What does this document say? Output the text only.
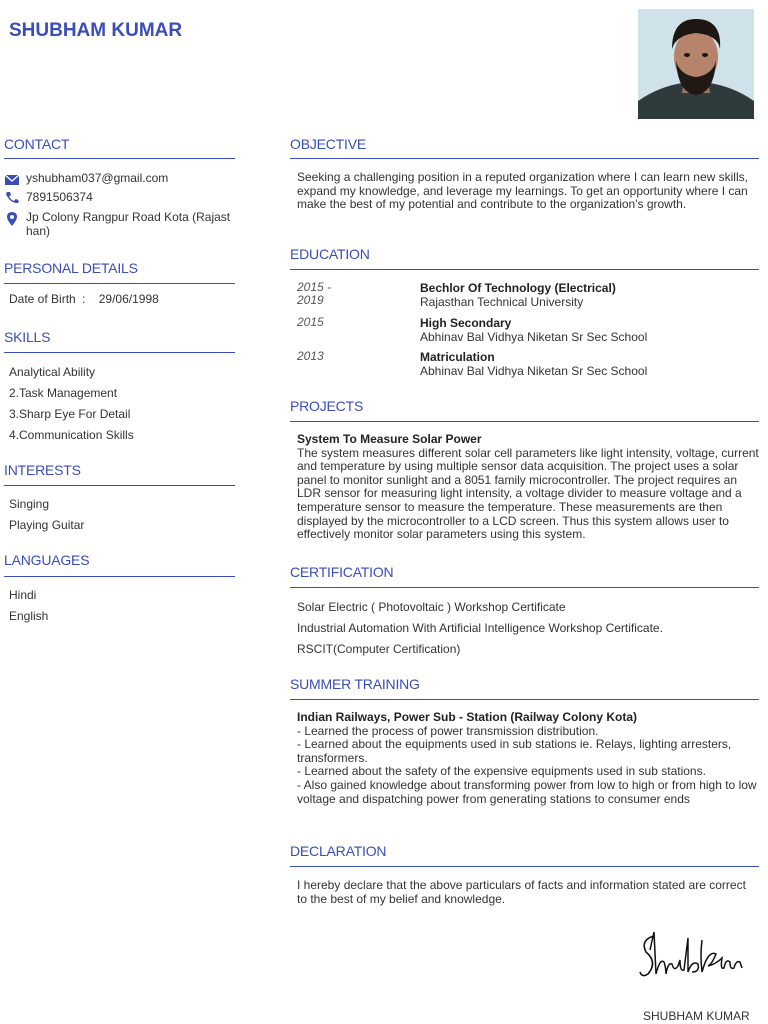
SHUBHAM KUMAR
CONTACT
yshubham037@gmail.com
7891506374
Jp Colony Rangpur Road Kota (Rajast
han)
PERSONAL DETAILS
Date of Birth : 29/06/1998
SKILLS
Analytical Ability
2.Task Management
3.Sharp Eye For Detail
4.Communication Skills
INTERESTS
Singing
Playing Guitar
LANGUAGES
Hindi
English
OBJECTIVE
Seeking a challenging position in a reputed organization where I can learn new skills, expand my knowledge, and leverage my learnings. To get an opportunity where I can make the best of my potential and contribute to the organization's growth.
EDUCATION
2015 -
2019
Bechlor Of Technology (Electrical)
Rajasthan Technical University
2015	High Secondary
Abhinav Bal Vidhya Niketan Sr Sec School
2013	Matriculation
Abhinav Bal Vidhya Niketan Sr Sec School
PROJECTS
System To Measure Solar Power
The system measures different solar cell parameters like light intensity, voltage, current and temperature by using multiple sensor data acquisition. The project uses a solar panel to monitor sunlight and a 8051 family microcontroller. The project requires an LDR sensor for measuring light intensity, a voltage divider to measure voltage and a temperature sensor to measure the temperature. These measurements are then displayed by the microcontroller to a LCD screen. Thus this system allows user to effectively monitor solar parameters using this system.
CERTIFICATION
Solar Electric ( Photovoltaic ) Workshop Certificate
Industrial Automation With Artificial Intelligence Workshop Certificate.
RSCIT(Computer Certification)
SUMMER TRAINING
Indian Railways, Power Sub - Station (Railway Colony Kota)
- Learned the process of power transmission distribution.
- Learned about the equipments used in sub stations ie. Relays, lighting arresters, transformers.
- Learned about the safety of the expensive equipments used in sub stations.
- Also gained knowledge about transforming power from low to high or from high to low voltage and dispatching power from generating stations to consumer ends
DECLARATION
I hereby declare that the above particulars of facts and information stated are correct to the best of my belief and knowledge.
SHUBHAM KUMAR
